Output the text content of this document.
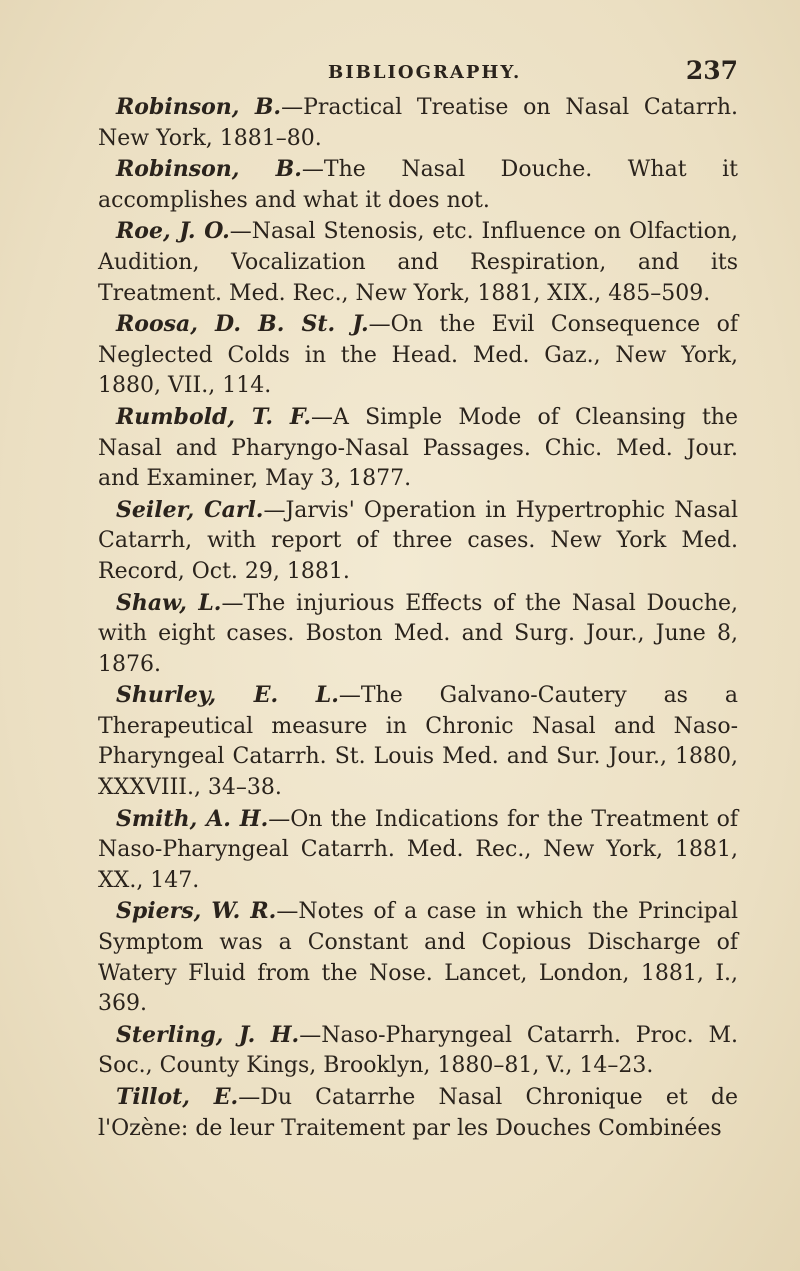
BIBLIOGRAPHY.	237

Robinson, B.—Practical Treatise on Nasal Catarrh. New York, 1881–80.

Robinson, B.—The Nasal Douche. What it accomplishes and what it does not.

Roe, J. O.—Nasal Stenosis, etc. Influence on Olfaction, Audition, Vocalization and Respiration, and its Treatment. Med. Rec., New York, 1881, XIX., 485–509.

Roosa, D. B. St. J.—On the Evil Consequence of Neglected Colds in the Head. Med. Gaz., New York, 1880, VII., 114.

Rumbold, T. F.—A Simple Mode of Cleansing the Nasal and Pharyngo-Nasal Passages. Chic. Med. Jour. and Examiner, May 3, 1877.

Seiler, Carl.—Jarvis' Operation in Hypertrophic Nasal Catarrh, with report of three cases. New York Med. Record, Oct. 29, 1881.

Shaw, L.—The injurious Effects of the Nasal Douche, with eight cases. Boston Med. and Surg. Jour., June 8, 1876.

Shurley, E. L.—The Galvano-Cautery as a Therapeutical measure in Chronic Nasal and Naso-Pharyngeal Catarrh. St. Louis Med. and Sur. Jour., 1880, XXXVIII., 34–38.

Smith, A. H.—On the Indications for the Treatment of Naso-Pharyngeal Catarrh. Med. Rec., New York, 1881, XX., 147.

Spiers, W. R.—Notes of a case in which the Principal Symptom was a Constant and Copious Discharge of Watery Fluid from the Nose. Lancet, London, 1881, I., 369.

Sterling, J. H.—Naso-Pharyngeal Catarrh. Proc. M. Soc., County Kings, Brooklyn, 1880–81, V., 14–23.

Tillot, E.—Du Catarrhe Nasal Chronique et de l'Ozène: de leur Traitement par les Douches Combinées
